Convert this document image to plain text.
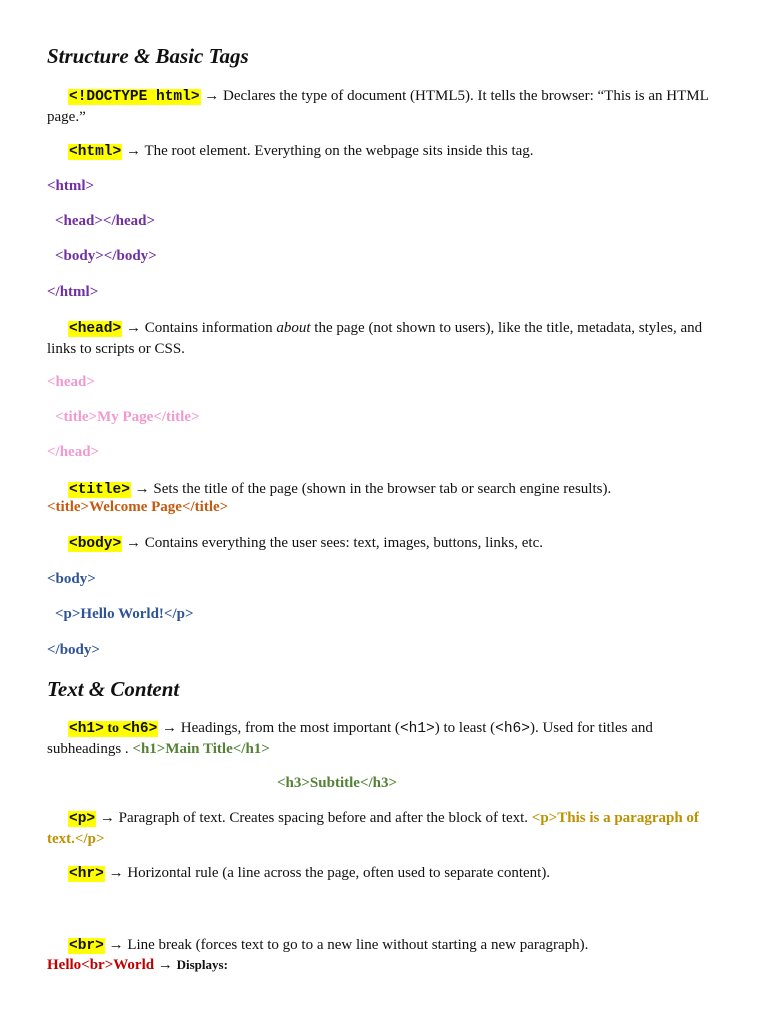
Structure & Basic Tags

<!DOCTYPE html> → Declares the type of document (HTML5). It tells the browser: “This is an HTML page.”

<html> → The root element. Everything on the webpage sits inside this tag.

<html>

<head></head>

<body></body>

</html>

<head> → Contains information about the page (not shown to users), like the title, metadata, styles, and links to scripts or CSS.

<head>

<title>My Page</title>

</head>

<title> → Sets the title of the page (shown in the browser tab or search engine results).

<title>Welcome Page</title>

<body> → Contains everything the user sees: text, images, buttons, links, etc.

<body>

<p>Hello World!</p>

</body>

Text & Content

<h1> to <h6> → Headings, from the most important (<h1>) to least (<h6>). Used for titles and subheadings . <h1>Main Title</h1>

<h3>Subtitle</h3>

<p> → Paragraph of text. Creates spacing before and after the block of text. <p>This is a paragraph of text.</p>

<hr> → Horizontal rule (a line across the page, often used to separate content).

<br> → Line break (forces text to go to a new line without starting a new paragraph).

Hello<br>World → Displays:
